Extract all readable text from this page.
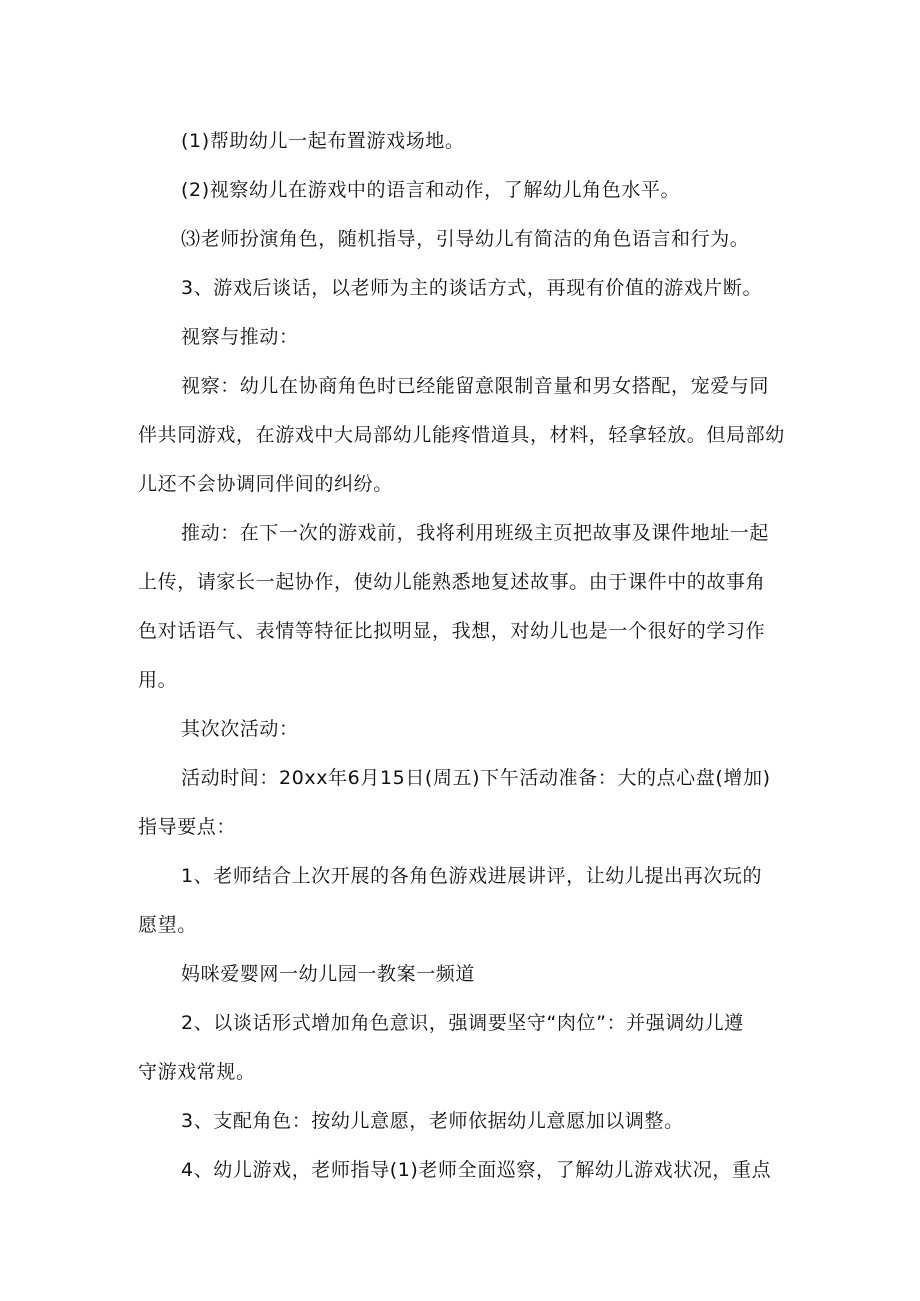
(1)帮助幼儿一起布置游戏场地。
(2)视察幼儿在游戏中的语言和动作，了解幼儿角色水平。
⑶老师扮演角色，随机指导，引导幼儿有简洁的角色语言和行为。
3、游戏后谈话，以老师为主的谈话方式，再现有价值的游戏片断。
视察与推动：
视察：幼儿在协商角色时已经能留意限制音量和男女搭配，宠爱与同
伴共同游戏，在游戏中大局部幼儿能疼惜道具，材料，轻拿轻放。但局部幼
儿还不会协调同伴间的纠纷。
推动：在下一次的游戏前，我将利用班级主页把故事及课件地址一起
上传，请家长一起协作，使幼儿能熟悉地复述故事。由于课件中的故事角
色对话语气、表情等特征比拟明显，我想，对幼儿也是一个很好的学习作
用。
其次次活动：
活动时间：20xx年6月15日(周五)下午活动准备：大的点心盘(增加)
指导要点：
1、老师结合上次开展的各角色游戏进展讲评，让幼儿提出再次玩的
愿望。
妈咪爱婴网一幼儿园一教案一频道
2、以谈话形式增加角色意识，强调要坚守“肉位”：并强调幼儿遵
守游戏常规。
3、支配角色：按幼儿意愿，老师依据幼儿意愿加以调整。
4、幼儿游戏，老师指导(1)老师全面巡察，了解幼儿游戏状况，重点
